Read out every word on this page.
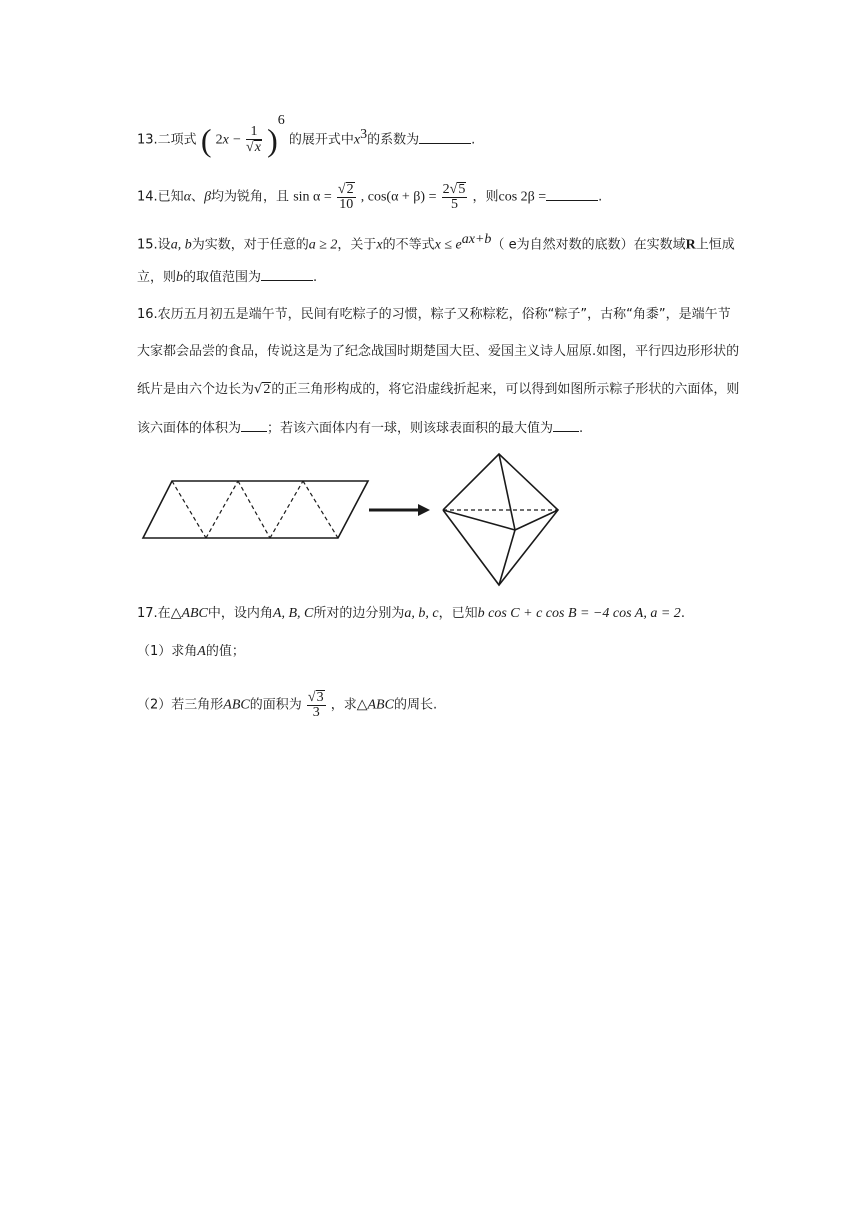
13.二项式 ( $2x - \frac{1}{√x} )^6$ 的展开式中$x^3$的系数为	.
14.已知α、β均为锐角，且 $\sin \alpha = \frac{√2}{10}$ , $\cos(\alpha + \beta) = \frac{2√5}{5}$ ，则cos 2β =	.
15.设a, b为实数，对于任意的a ≥ 2，关于x的不等式$x \le e^{ax+b}$（ e为自然对数的底数）在实数域R上恒成
立，则b的取值范围为	.
16.农历五月初五是端午节，民间有吃粽子的习惯，粽子又称粽籺，俗称“粽子”，古称“角黍”，是端午节
大家都会品尝的食品，传说这是为了纪念战国时期楚国大臣、爱国主义诗人屈原.如图，平行四边形形状的
纸片是由六个边长为√2的正三角形构成的，将它沿虚线折起来，可以得到如图所示粽子形状的六面体，则
该六面体的体积为 ；若该六面体内有一球，则该球表面积的最大值为 .
17.在△ABC中，设内角A, B, C所对的边分别为a, b, c，已知b cos C + c cos B = −4 cos A, a = 2.
（1）求角A的值；
（2）若三角形ABC的面积为 $\frac{√3}{3}$ ，求△ABC的周长.
